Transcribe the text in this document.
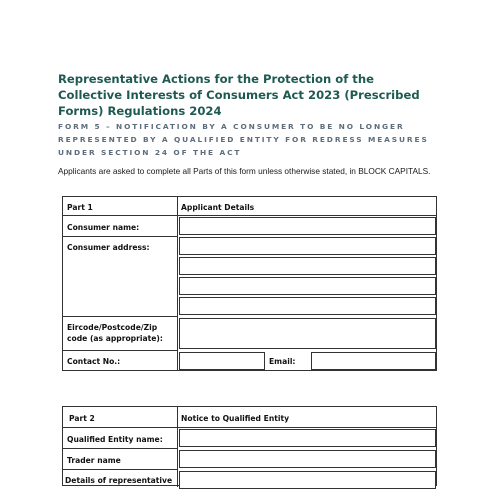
Representative Actions for the Protection of the Collective Interests of Consumers Act 2023 (Prescribed Forms) Regulations 2024
FORM 5 – NOTIFICATION BY A CONSUMER TO BE NO LONGER REPRESENTED BY A QUALIFIED ENTITY FOR REDRESS MEASURES UNDER SECTION 24 OF THE ACT
Applicants are asked to complete all Parts of this form unless otherwise stated, in BLOCK CAPITALS.
Part 1	Applicant Details
Consumer name:
Consumer address:
Eircode/Postcode/Zip code (as appropriate):
Contact No.:	Email:
Part 2	Notice to Qualified Entity
Qualified Entity name:
Trader name
Details of representative
